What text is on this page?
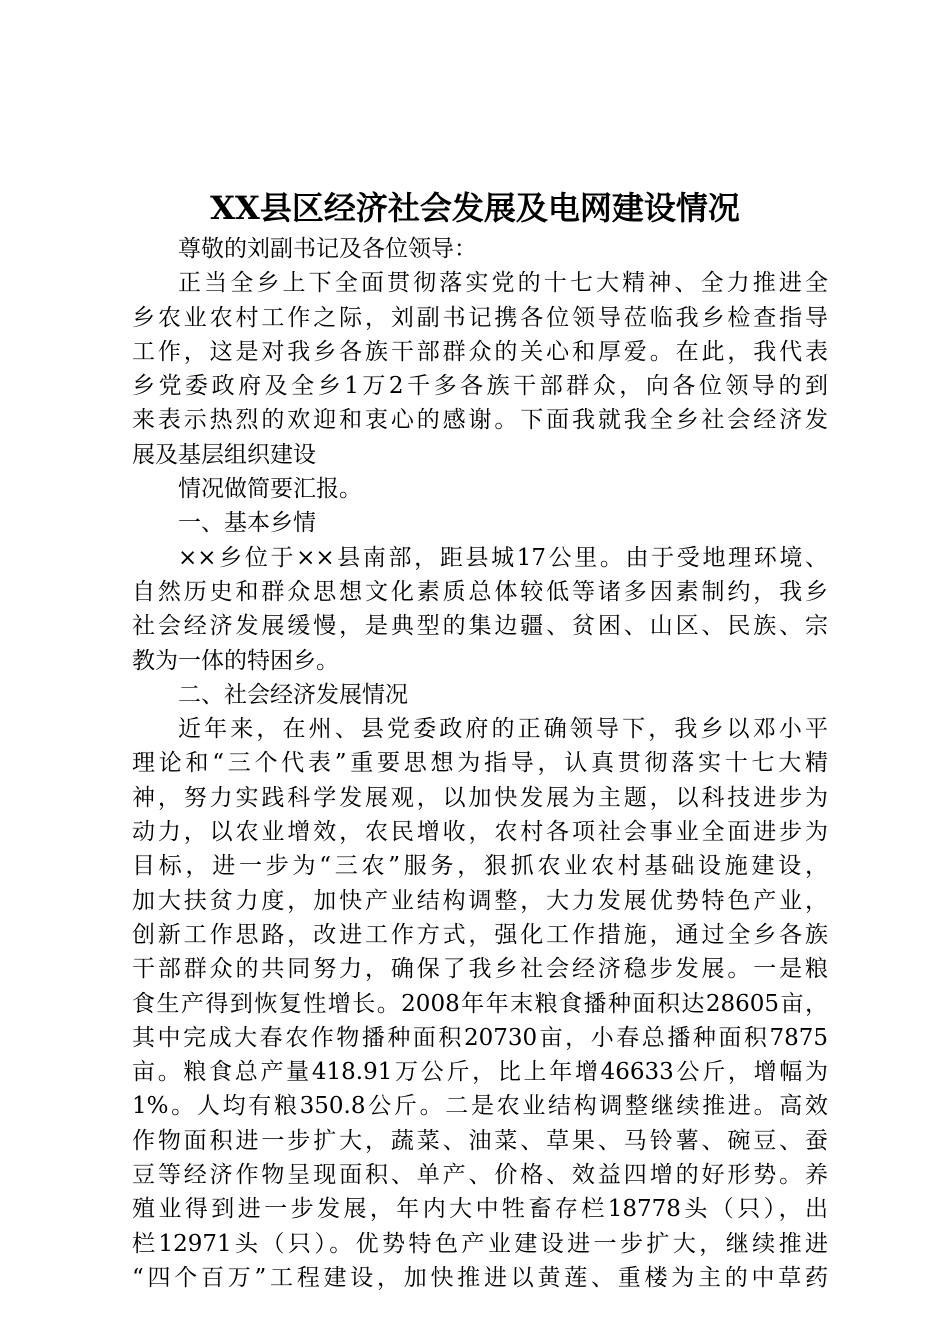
XX县区经济社会发展及电网建设情况

尊敬的刘副书记及各位领导：

正当全乡上下全面贯彻落实党的十七大精神、全力推进全
乡农业农村工作之际，刘副书记携各位领导莅临我乡检查指导
工作，这是对我乡各族干部群众的关心和厚爱。在此，我代表
乡党委政府及全乡1万2千多各族干部群众，向各位领导的到
来表示热烈的欢迎和衷心的感谢。下面我就我全乡社会经济发
展及基层组织建设

情况做简要汇报。

一、基本乡情

××乡位于××县南部，距县城17公里。由于受地理环境、
自然历史和群众思想文化素质总体较低等诸多因素制约，我乡
社会经济发展缓慢，是典型的集边疆、贫困、山区、民族、宗
教为一体的特困乡。

二、社会经济发展情况

近年来，在州、县党委政府的正确领导下，我乡以邓小平
理论和“三个代表”重要思想为指导，认真贯彻落实十七大精
神，努力实践科学发展观，以加快发展为主题，以科技进步为
动力，以农业增效，农民增收，农村各项社会事业全面进步为
目标，进一步为“三农”服务，狠抓农业农村基础设施建设，
加大扶贫力度，加快产业结构调整，大力发展优势特色产业，
创新工作思路，改进工作方式，强化工作措施，通过全乡各族
干部群众的共同努力，确保了我乡社会经济稳步发展。一是粮
食生产得到恢复性增长。2008年年末粮食播种面积达28605亩，
其中完成大春农作物播种面积20730亩，小春总播种面积7875
亩。粮食总产量418.91万公斤，比上年增46633公斤，增幅为
1%。人均有粮350.8公斤。二是农业结构调整继续推进。高效
作物面积进一步扩大，蔬菜、油菜、草果、马铃薯、碗豆、蚕
豆等经济作物呈现面积、单产、价格、效益四增的好形势。养
殖业得到进一步发展，年内大中牲畜存栏18778头（只），出
栏12971头（只）。优势特色产业建设进一步扩大，继续推进
“四个百万”工程建设，加快推进以黄莲、重楼为主的中草药
